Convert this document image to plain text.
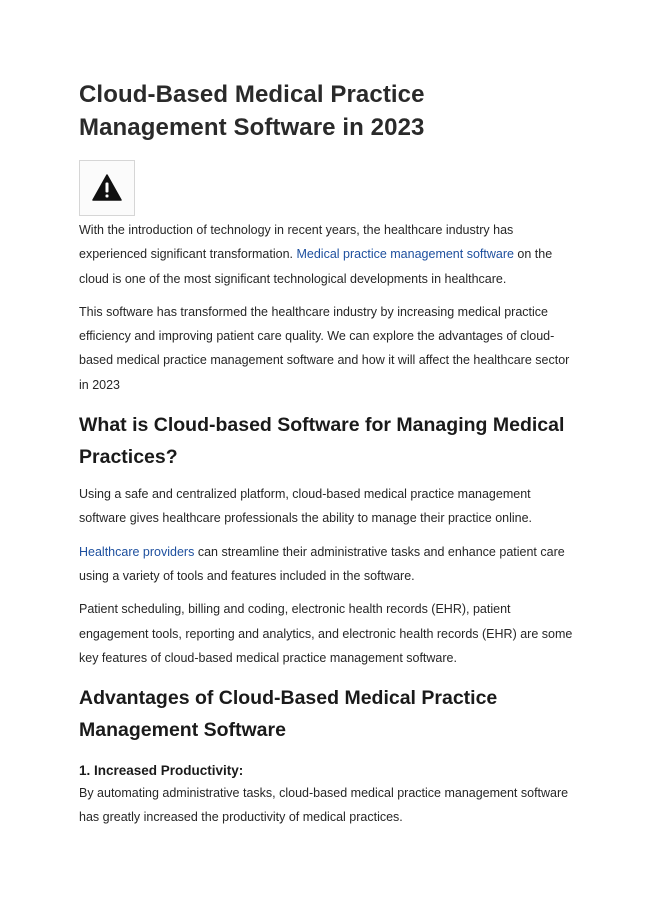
Cloud-Based Medical Practice Management Software in 2023

With the introduction of technology in recent years, the healthcare industry has experienced significant transformation. Medical practice management software on the cloud is one of the most significant technological developments in healthcare.

This software has transformed the healthcare industry by increasing medical practice efficiency and improving patient care quality. We can explore the advantages of cloud-based medical practice management software and how it will affect the healthcare sector in 2023

What is Cloud-based Software for Managing Medical Practices?

Using a safe and centralized platform, cloud-based medical practice management software gives healthcare professionals the ability to manage their practice online.

Healthcare providers can streamline their administrative tasks and enhance patient care using a variety of tools and features included in the software.

Patient scheduling, billing and coding, electronic health records (EHR), patient engagement tools, reporting and analytics, and electronic health records (EHR) are some key features of cloud-based medical practice management software.

Advantages of Cloud-Based Medical Practice Management Software
1. Increased Productivity:

By automating administrative tasks, cloud-based medical practice management software has greatly increased the productivity of medical practices.
